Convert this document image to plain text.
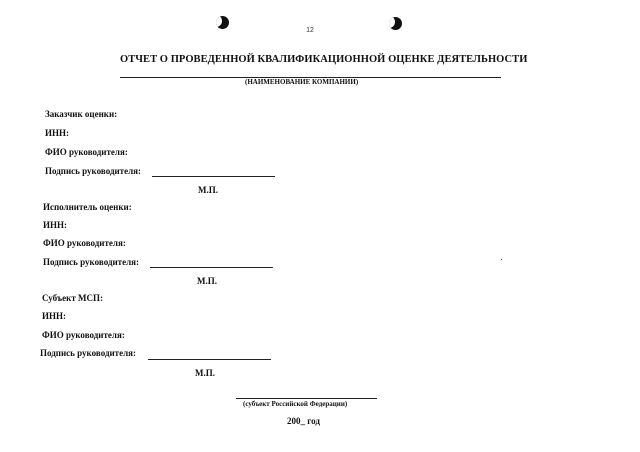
12
ОТЧЕТ О ПРОВЕДЕННОЙ КВАЛИФИКАЦИОННОЙ ОЦЕНКЕ ДЕЯТЕЛЬНОСТИ
(НАИМЕНОВАНИЕ КОМПАНИИ)
Заказчик оценки:
ИНН:
ФИО руководителя:
Подпись руководителя:
М.П.
Исполнитель оценки:
ИНН:
ФИО руководителя:
Подпись руководителя:
М.П.
Субъект МСП:
ИНН:
ФИО руководителя:
Подпись руководителя:
М.П.
(субъект Российской Федерации)
200_ год
